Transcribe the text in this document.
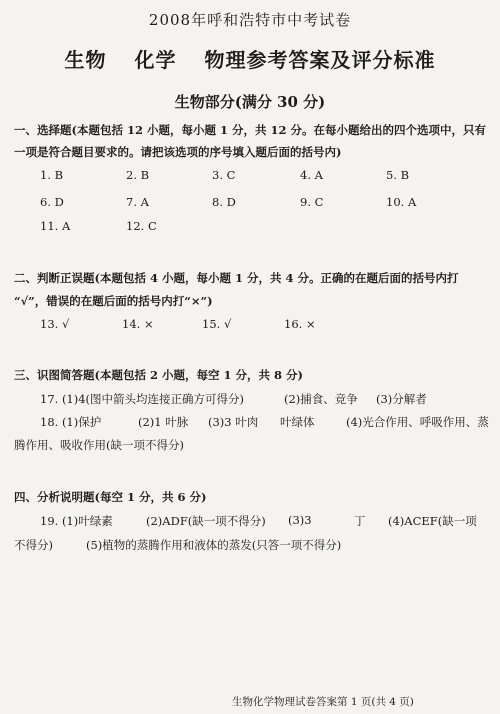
2008年呼和浩特市中考试卷
生物 化学 物理参考答案及评分标准
生物部分(满分 30 分)
一、选择题(本题包括 12 小题，每小题 1 分，共 12 分。在每小题给出的四个选项中，只有
一项是符合题目要求的。请把该选项的序号填入题后面的括号内)
1. B	2. B	3. C	4. A	5. B
6. D	7. A	8. D	9. C	10. A
11. A	12. C
二、判断正误题(本题包括 4 小题，每小题 1 分，共 4 分。正确的在题后面的括号内打
“√”，错误的在题后面的括号内打“×”)
13. √	14. ×	15. √	16. ×
三、识图简答题(本题包括 2 小题，每空 1 分，共 8 分)
17. (1)4(图中箭头均连接正确方可得分)	(2)捕食、竞争 (3)分解者
18. (1)保护	(2)1 叶脉 (3)3 叶肉 叶绿体	(4)光合作用、呼吸作用、蒸
腾作用、吸收作用(缺一项不得分)
四、分析说明题(每空 1 分，共 6 分)
19. (1)叶绿素	(2)ADF(缺一项不得分) (3)3	丁 (4)ACEF(缺一项
不得分)	(5)植物的蒸腾作用和液体的蒸发(只答一项不得分)
生物化学物理试卷答案第 1 页(共 4 页)
